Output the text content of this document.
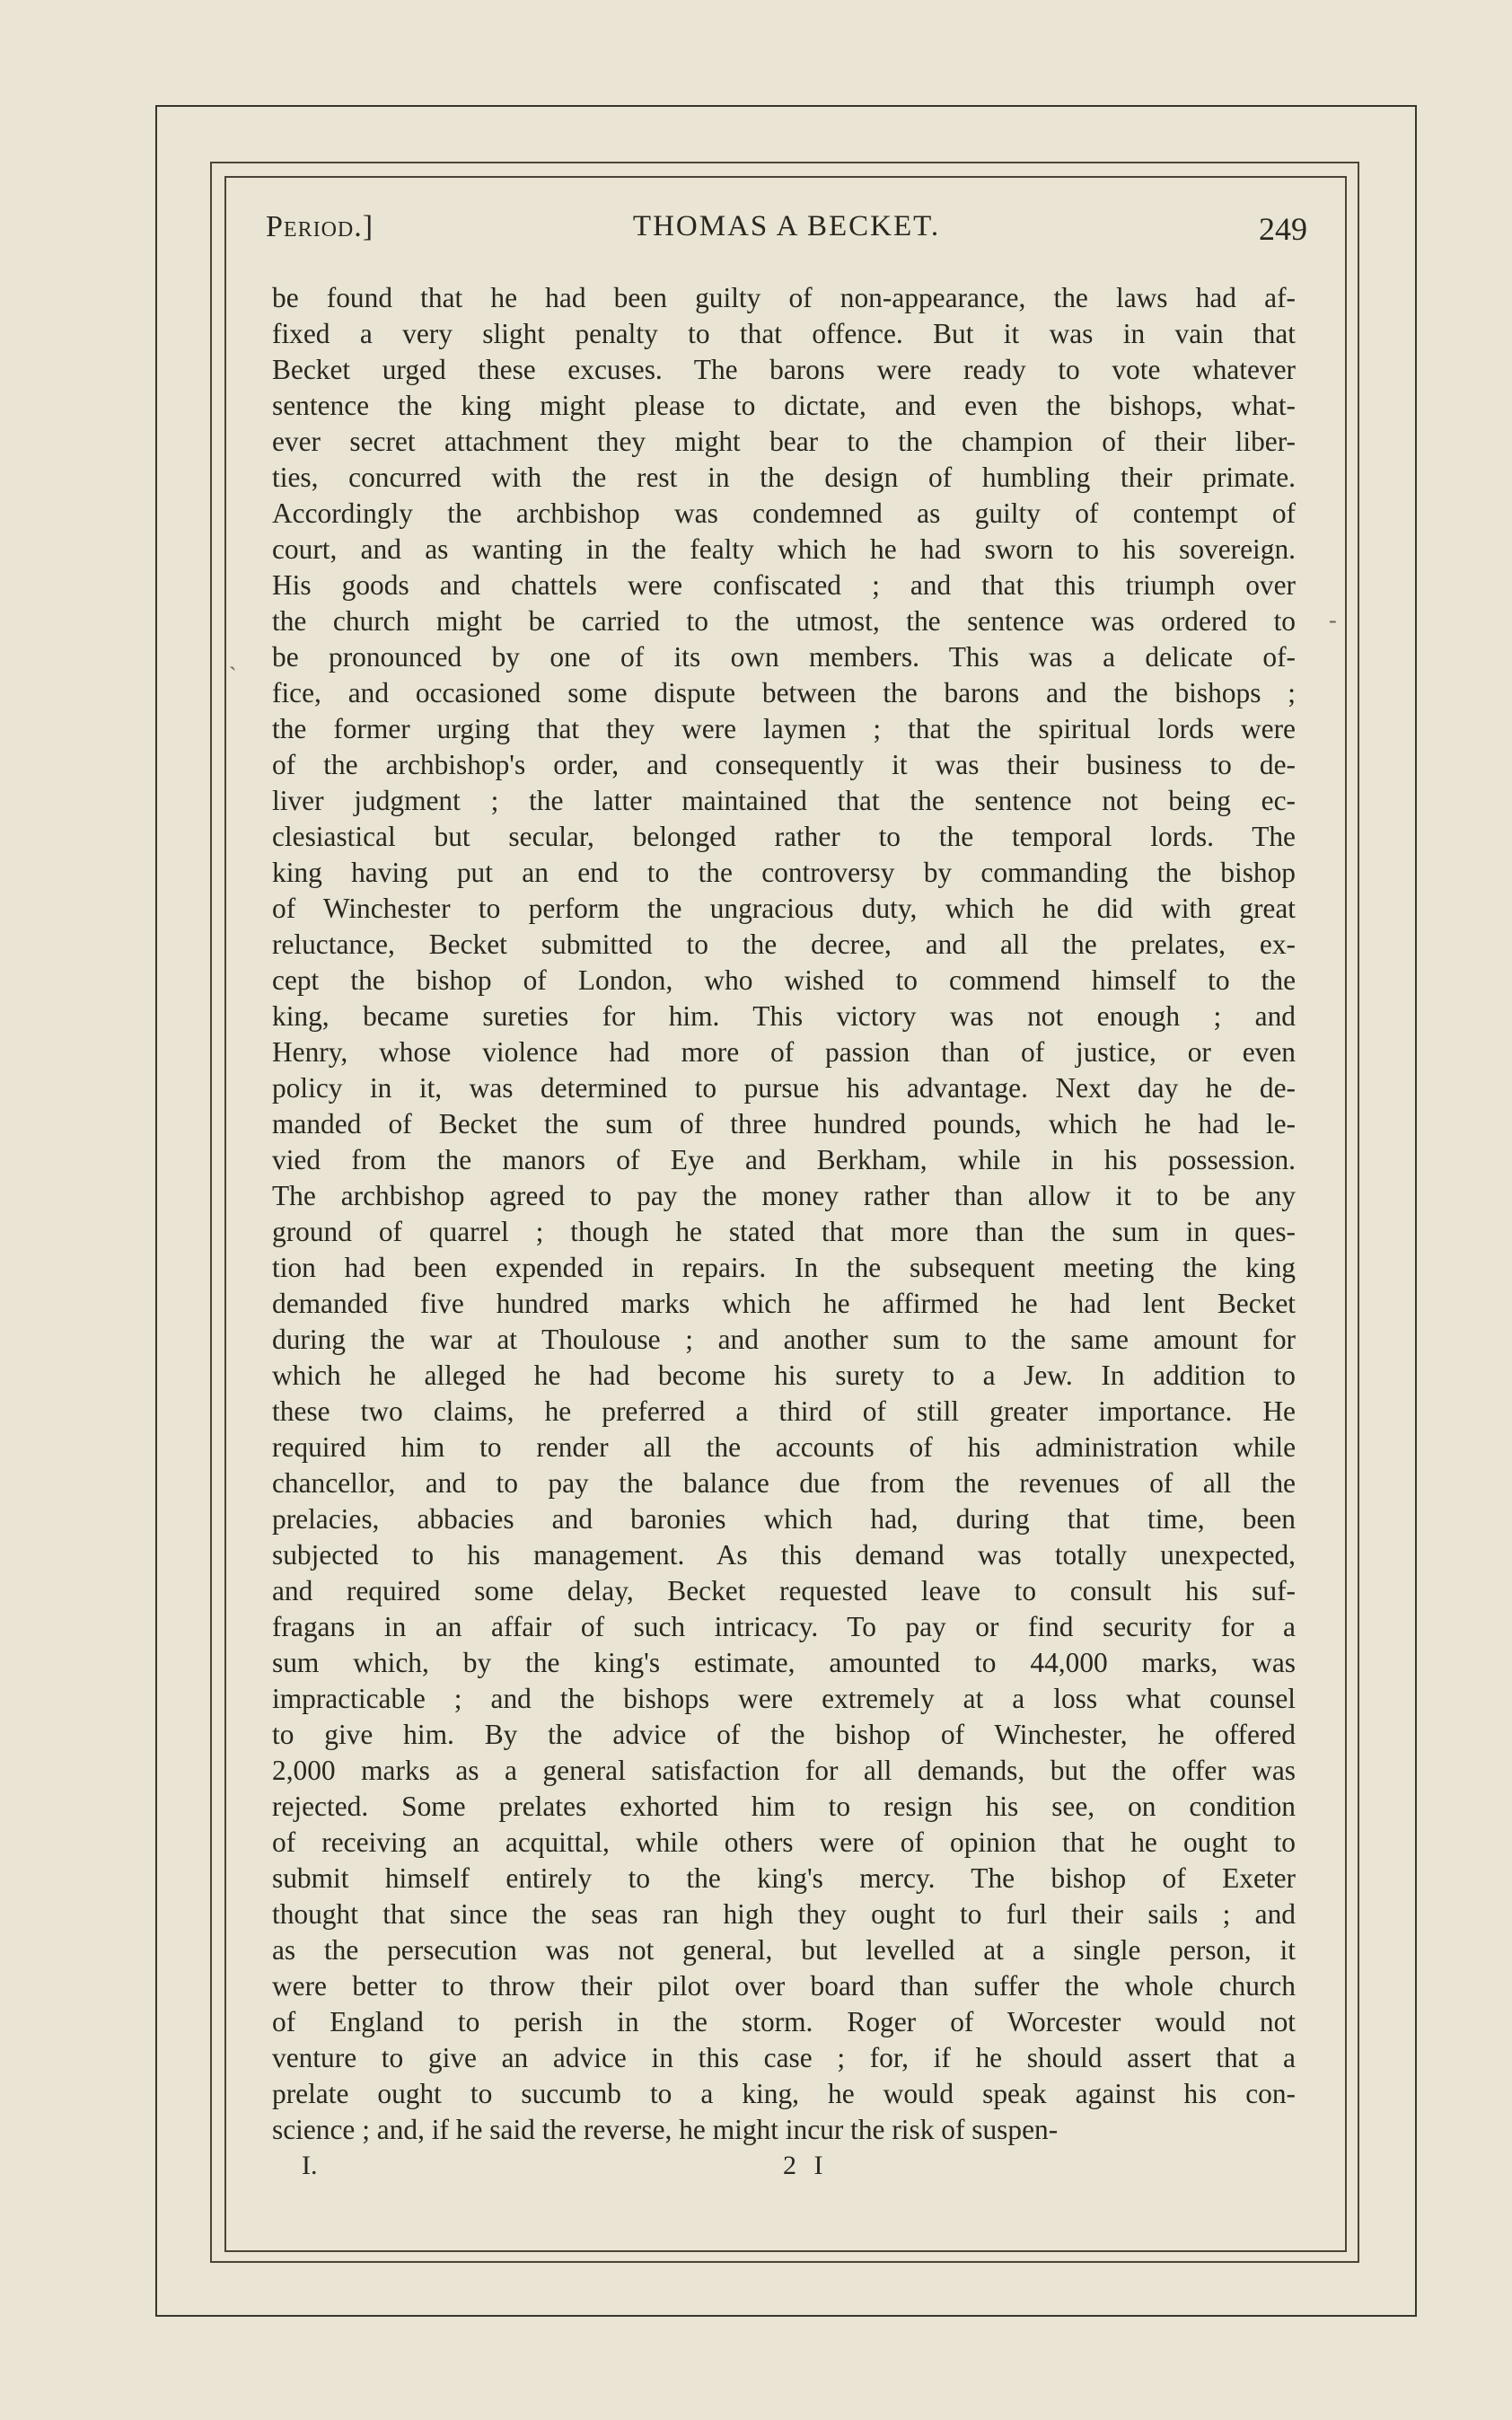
Period.]	THOMAS A BECKET.	249
ˎ
-
be found that he had been guilty of non-appearance, the laws had af-
fixed a very slight penalty to that offence. But it was in vain that
Becket urged these excuses. The barons were ready to vote whatever
sentence the king might please to dictate, and even the bishops, what-
ever secret attachment they might bear to the champion of their liber-
ties, concurred with the rest in the design of humbling their primate.
Accordingly the archbishop was condemned as guilty of contempt of
court, and as wanting in the fealty which he had sworn to his sovereign.
His goods and chattels were confiscated ; and that this triumph over
the church might be carried to the utmost, the sentence was ordered to
be pronounced by one of its own members. This was a delicate of-
fice, and occasioned some dispute between the barons and the bishops ;
the former urging that they were laymen ; that the spiritual lords were
of the archbishop's order, and consequently it was their business to de-
liver judgment ; the latter maintained that the sentence not being ec-
clesiastical but secular, belonged rather to the temporal lords. The
king having put an end to the controversy by commanding the bishop
of Winchester to perform the ungracious duty, which he did with great
reluctance, Becket submitted to the decree, and all the prelates, ex-
cept the bishop of London, who wished to commend himself to the
king, became sureties for him. This victory was not enough ; and
Henry, whose violence had more of passion than of justice, or even
policy in it, was determined to pursue his advantage. Next day he de-
manded of Becket the sum of three hundred pounds, which he had le-
vied from the manors of Eye and Berkham, while in his possession.
The archbishop agreed to pay the money rather than allow it to be any
ground of quarrel ; though he stated that more than the sum in ques-
tion had been expended in repairs. In the subsequent meeting the king
demanded five hundred marks which he affirmed he had lent Becket
during the war at Thoulouse ; and another sum to the same amount for
which he alleged he had become his surety to a Jew. In addition to
these two claims, he preferred a third of still greater importance. He
required him to render all the accounts of his administration while
chancellor, and to pay the balance due from the revenues of all the
prelacies, abbacies and baronies which had, during that time, been
subjected to his management. As this demand was totally unexpected,
and required some delay, Becket requested leave to consult his suf-
fragans in an affair of such intricacy. To pay or find security for a
sum which, by the king's estimate, amounted to 44,000 marks, was
impracticable ; and the bishops were extremely at a loss what counsel
to give him. By the advice of the bishop of Winchester, he offered
2,000 marks as a general satisfaction for all demands, but the offer was
rejected. Some prelates exhorted him to resign his see, on condition
of receiving an acquittal, while others were of opinion that he ought to
submit himself entirely to the king's mercy. The bishop of Exeter
thought that since the seas ran high they ought to furl their sails ; and
as the persecution was not general, but levelled at a single person, it
were better to throw their pilot over board than suffer the whole church
of England to perish in the storm. Roger of Worcester would not
venture to give an advice in this case ; for, if he should assert that a
prelate ought to succumb to a king, he would speak against his con-
science ; and, if he said the reverse, he might incur the risk of suspen-
I.	2 I
